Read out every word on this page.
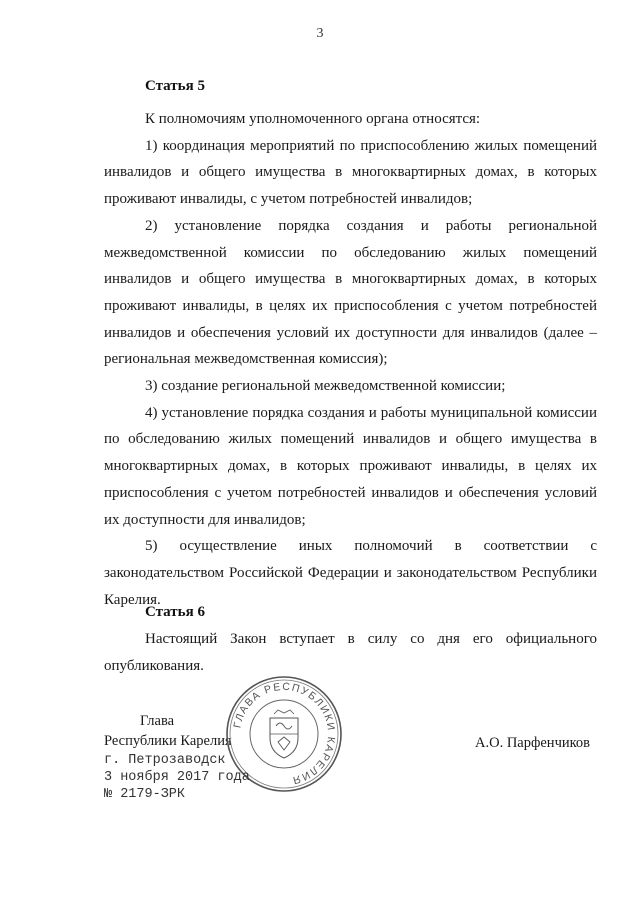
3
Статья 5

К полномочиям уполномоченного органа относятся:

1) координация мероприятий по приспособлению жилых помещений инвалидов и общего имущества в многоквартирных домах, в которых проживают инвалиды, с учетом потребностей инвалидов;

2) установление порядка создания и работы региональной межведомственной комиссии по обследованию жилых помещений инвалидов и общего имущества в многоквартирных домах, в которых проживают инвалиды, в целях их приспособления с учетом потребностей инвалидов и обеспечения условий их доступности для инвалидов (далее – региональная межведомственная комиссия);

3) создание региональной межведомственной комиссии;

4) установление порядка создания и работы муниципальной комиссии по обследованию жилых помещений инвалидов и общего имущества в многоквартирных домах, в которых проживают инвалиды, в целях их приспособления с учетом потребностей инвалидов и обеспечения условий их доступности для инвалидов;

5) осуществление иных полномочий в соответствии с законодательством Российской Федерации и законодательством Республики Карелия.

Статья 6

Настоящий Закон вступает в силу со дня его официального опубликования.

Глава
Республики Карелия	А.О. Парфенчиков
ГЛАВА РЕСПУБЛИКИ КАРЕЛИЯ
г. Петрозаводск
3 ноября 2017 года
№ 2179-ЗРК
